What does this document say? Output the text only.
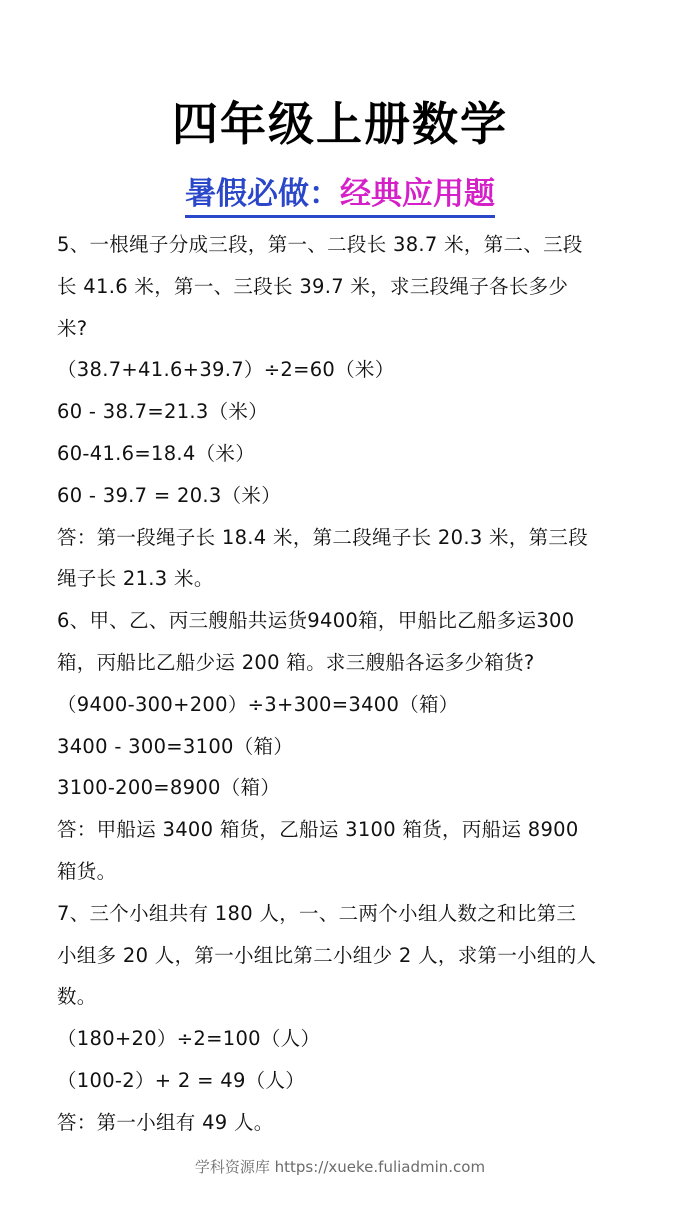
四年级上册数学
暑假必做：经典应用题
5、一根绳子分成三段，第一、二段长 38.7 米，第二、三段
长 41.6 米，第一、三段长 39.7 米，求三段绳子各长多少
米?
（38.7+41.6+39.7）÷2=60（米）
60 - 38.7=21.3（米）
60-41.6=18.4（米）
60 - 39.7 = 20.3（米）
答：第一段绳子长 18.4 米，第二段绳子长 20.3 米，第三段
绳子长 21.3 米。
6、甲、乙、丙三艘船共运货9400箱，甲船比乙船多运300
箱，丙船比乙船少运 200 箱。求三艘船各运多少箱货?
（9400-300+200）÷3+300=3400（箱）
3400 - 300=3100（箱）
3100-200=8900（箱）
答：甲船运 3400 箱货，乙船运 3100 箱货，丙船运 8900
箱货。
7、三个小组共有 180 人，一、二两个小组人数之和比第三
小组多 20 人，第一小组比第二小组少 2 人，求第一小组的人
数。
（180+20）÷2=100（人）
（100-2）+ 2 = 49（人）
答：第一小组有 49 人。
学科资源库 https://xueke.fuliadmin.com
